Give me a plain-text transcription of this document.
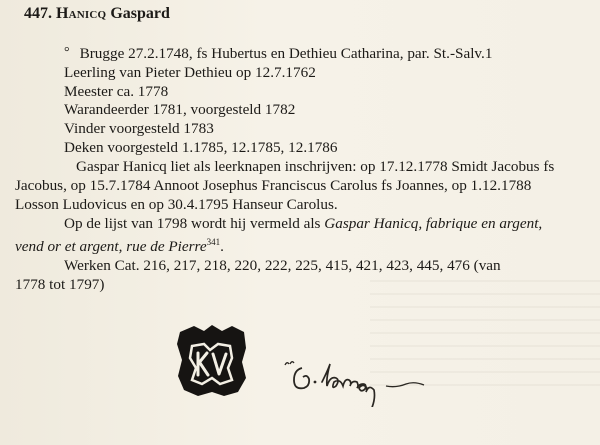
447. Hanicq Gaspard
° Brugge 27.2.1748, fs Hubertus en Dethieu Catharina, par. St.-Salv.1
Leerling van Pieter Dethieu op 12.7.1762
Meester ca. 1778
Warandeerder 1781, voorgesteld 1782
Vinder voorgesteld 1783
Deken voorgesteld 1.1785, 12.1785, 12.1786
Gaspar Hanicq liet als leerknapen inschrijven: op 17.12.1778 Smidt Jacobus fs
Jacobus, op 15.7.1784 Annoot Josephus Franciscus Carolus fs Joannes, op 1.12.1788
Losson Ludovicus en op 30.4.1795 Hanseur Carolus.
Op de lijst van 1798 wordt hij vermeld als Gaspar Hanicq, fabrique en argent,
vend or et argent, rue de Pierre$^{341}$.
Werken Cat. 216, 217, 218, 220, 222, 225, 415, 421, 423, 445, 476 (van
1778 tot 1797)
